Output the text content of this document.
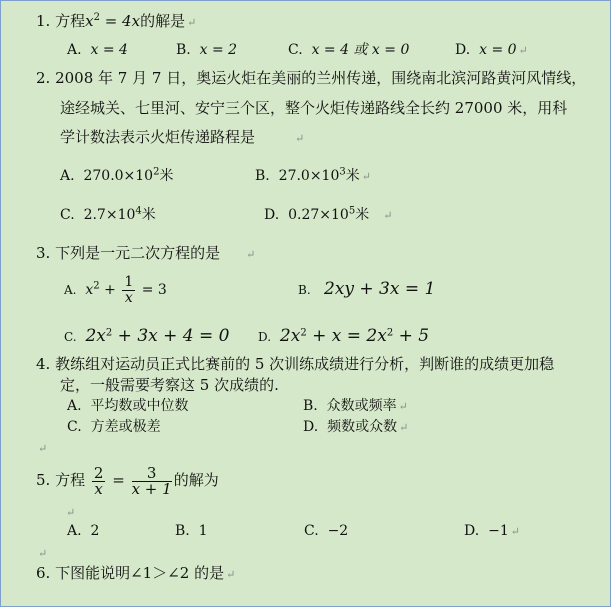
1. 方程$x^2 = 4x$的解是 ↵
A. x = 4	B. x = 2	C. x = 4 或 x = 0	D. x = 0 ↵
2. 2008 年 7 月 7 日，奥运火炬在美丽的兰州传递，围绕南北滨河路黄河风情线，
途经城关、七里河、安宁三个区，整个火炬传递路线全长约 27000 米，用科
学计数法表示火炬传递路程是	↵
A. $270.0\times 10^2$米	B. $27.0\times 10^3$米 ↵
C. $2.7\times 10^4$米	D. $0.27\times 10^5$米 ↵
3. 下列是一元二次方程的是 ↵
A. $x^2 + \frac{1}{x} = 3$	B. 2xy + 3x = 1
C. $2x^2 + 3x + 4 = 0$ D. $2x^2 + x = 2x^2 + 5$
4. 教练组对运动员正式比赛前的 5 次训练成绩进行分析，判断谁的成绩更加稳
定，一般需要考察这 5 次成绩的.
A. 平均数或中位数	B. 众数或频率 ↵
C. 方差或极差	D. 频数或众数 ↵
↵
5. 方程 $\frac{2}{x} = \frac{3}{x + 1}$ 的解为
↵
A. 2	B. 1	C. −2	D. −1 ↵
↵
6. 下图能说明∠1＞∠2 的是 ↵
